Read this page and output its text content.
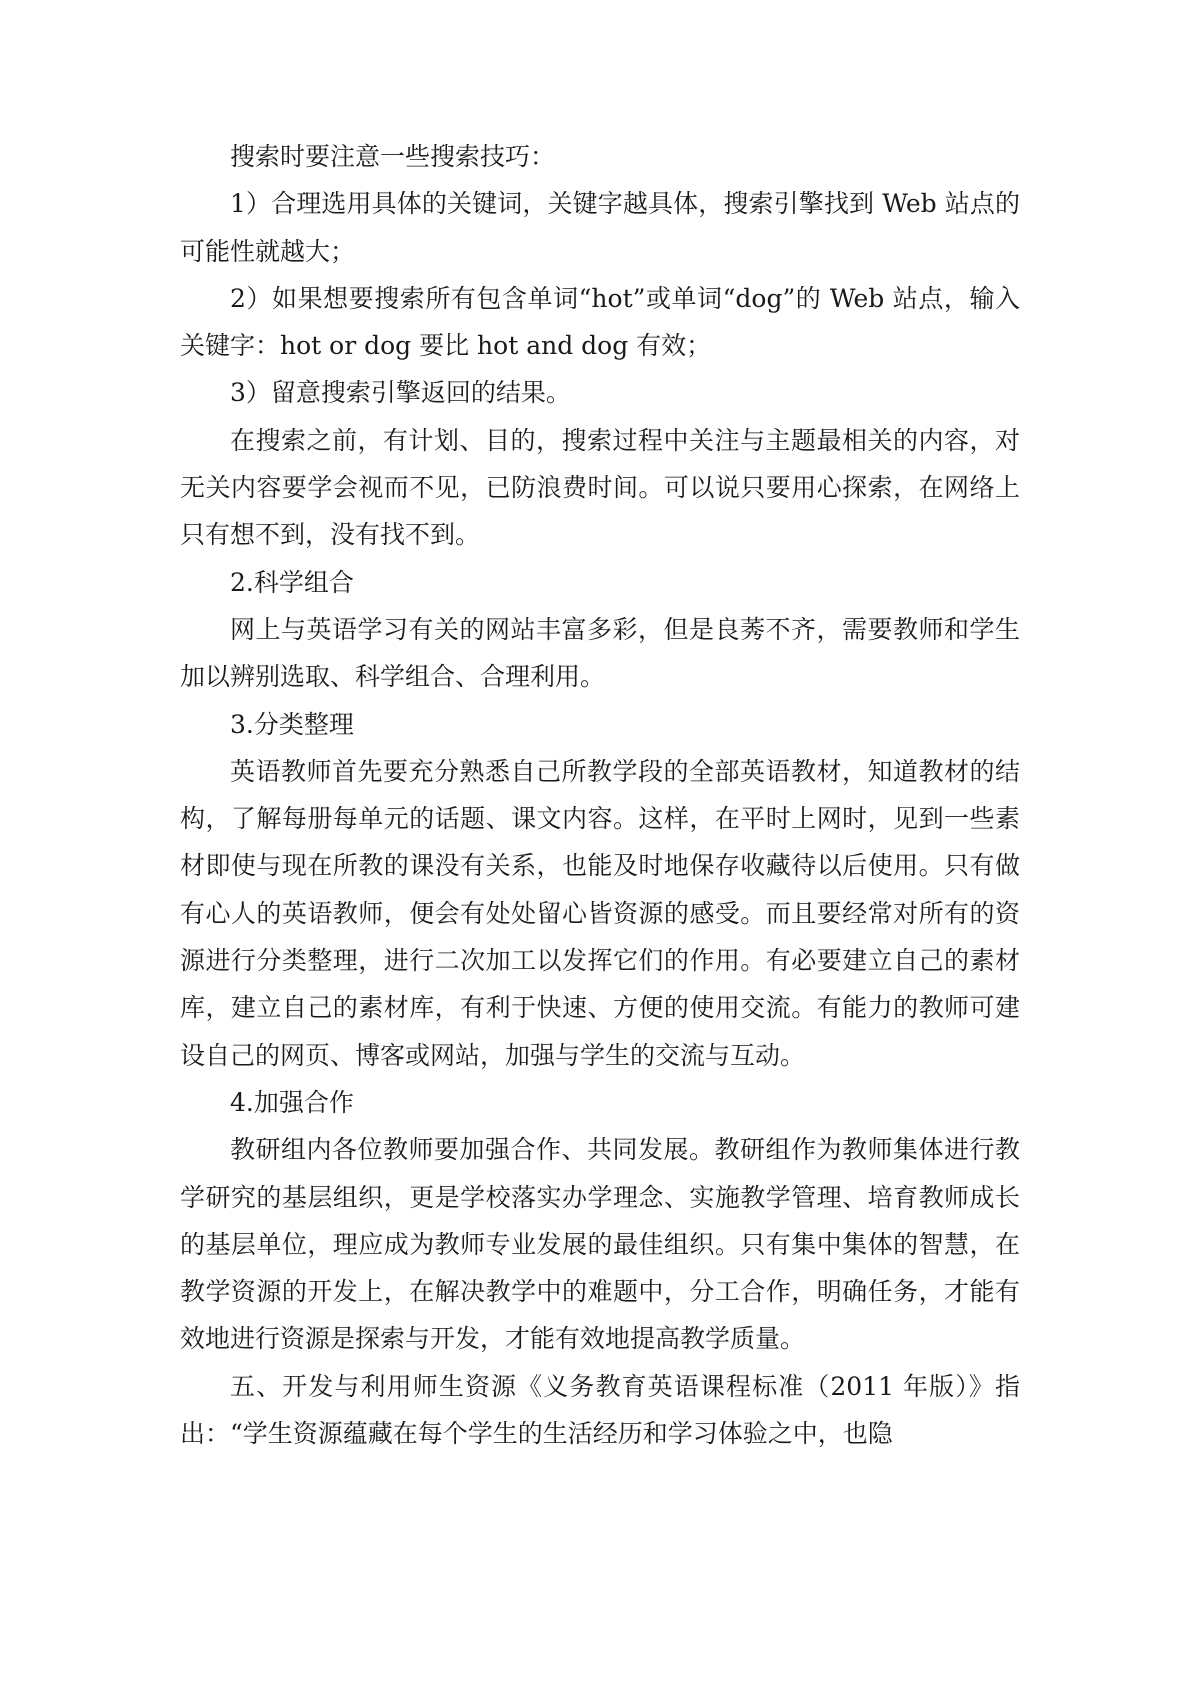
搜索时要注意一些搜索技巧：

1）合理选用具体的关键词，关键字越具体，搜索引擎找到 Web 站点的可能性就越大；

2）如果想要搜索所有包含单词“hot”或单词“dog”的 Web 站点，输入关键字：hot or dog 要比 hot and dog 有效；

3）留意搜索引擎返回的结果。

在搜索之前，有计划、目的，搜索过程中关注与主题最相关的内容，对无关内容要学会视而不见，已防浪费时间。可以说只要用心探索，在网络上只有想不到，没有找不到。

2.科学组合

网上与英语学习有关的网站丰富多彩，但是良莠不齐，需要教师和学生加以辨别选取、科学组合、合理利用。

3.分类整理

英语教师首先要充分熟悉自己所教学段的全部英语教材，知道教材的结构，了解每册每单元的话题、课文内容。这样，在平时上网时，见到一些素材即使与现在所教的课没有关系，也能及时地保存收藏待以后使用。只有做有心人的英语教师，便会有处处留心皆资源的感受。而且要经常对所有的资源进行分类整理，进行二次加工以发挥它们的作用。有必要建立自己的素材库，建立自己的素材库，有利于快速、方便的使用交流。有能力的教师可建设自己的网页、博客或网站，加强与学生的交流与互动。

4.加强合作

教研组内各位教师要加强合作、共同发展。教研组作为教师集体进行教学研究的基层组织，更是学校落实办学理念、实施教学管理、培育教师成长的基层单位，理应成为教师专业发展的最佳组织。只有集中集体的智慧，在教学资源的开发上，在解决教学中的难题中，分工合作，明确任务，才能有效地进行资源是探索与开发，才能有效地提高教学质量。

五、开发与利用师生资源《义务教育英语课程标准（2011 年版）》指出：“学生资源蕴藏在每个学生的生活经历和学习体验之中，也隐
